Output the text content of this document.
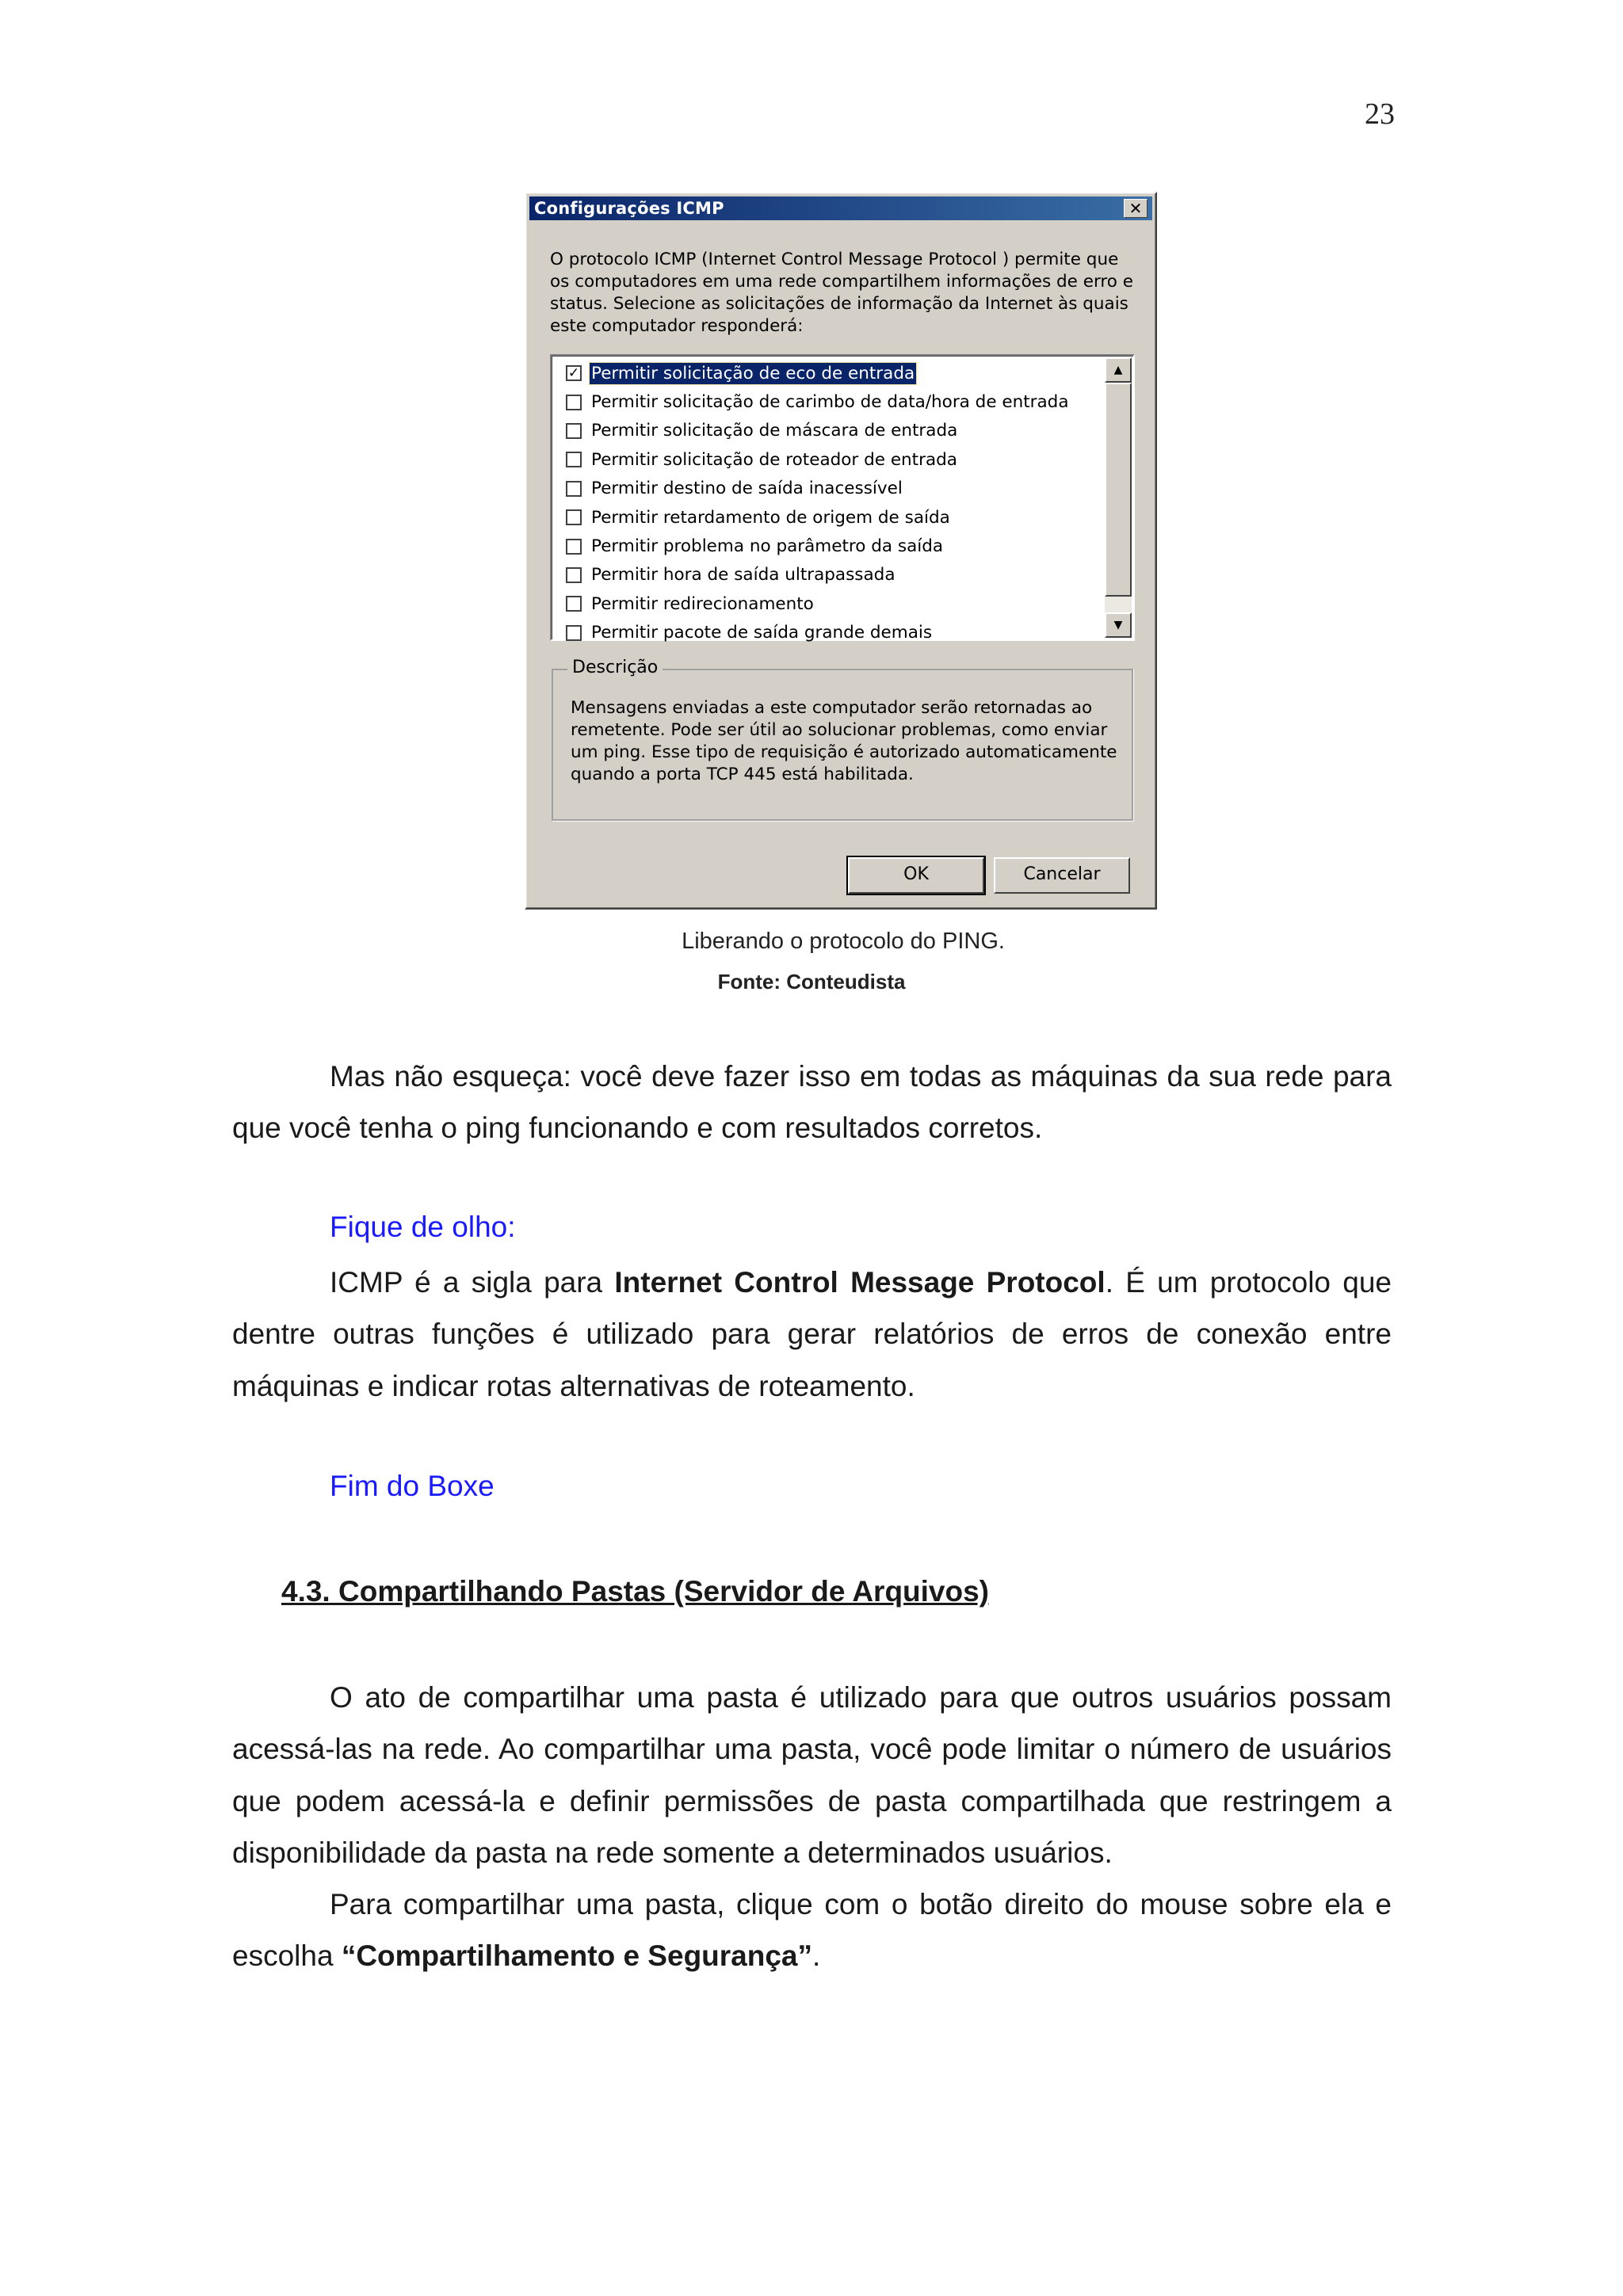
23
Configurações ICMP	✕
O protocolo ICMP (Internet Control Message Protocol ) permite que os computadores em uma rede compartilhem informações de erro e status. Selecione as solicitações de informação da Internet às quais este computador responderá:
✓ Permitir solicitação de eco de entrada
Permitir solicitação de carimbo de data/hora de entrada
Permitir solicitação de máscara de entrada
Permitir solicitação de roteador de entrada
Permitir destino de saída inacessível
Permitir retardamento de origem de saída
Permitir problema no parâmetro da saída
Permitir hora de saída ultrapassada
Permitir redirecionamento
Permitir pacote de saída grande demais
▲
▼
Descrição
Mensagens enviadas a este computador serão retornadas ao remetente. Pode ser útil ao solucionar problemas, como enviar um ping. Esse tipo de requisição é autorizado automaticamente quando a porta TCP 445 está habilitada.
OK	Cancelar
Liberando o protocolo do PING.
Fonte: Conteudista
Mas não esqueça: você deve fazer isso em todas as máquinas da sua rede para que você tenha o ping funcionando e com resultados corretos.
Fique de olho:
ICMP é a sigla para Internet Control Message Protocol. É um protocolo que dentre outras funções é utilizado para gerar relatórios de erros de conexão entre máquinas e indicar rotas alternativas de roteamento.
Fim do Boxe
4.3. Compartilhando Pastas (Servidor de Arquivos)
O ato de compartilhar uma pasta é utilizado para que outros usuários possam acessá-las na rede. Ao compartilhar uma pasta, você pode limitar o número de usuários que podem acessá-la e definir permissões de pasta compartilhada que restringem a disponibilidade da pasta na rede somente a determinados usuários.
Para compartilhar uma pasta, clique com o botão direito do mouse sobre ela e escolha “Compartilhamento e Segurança”.
